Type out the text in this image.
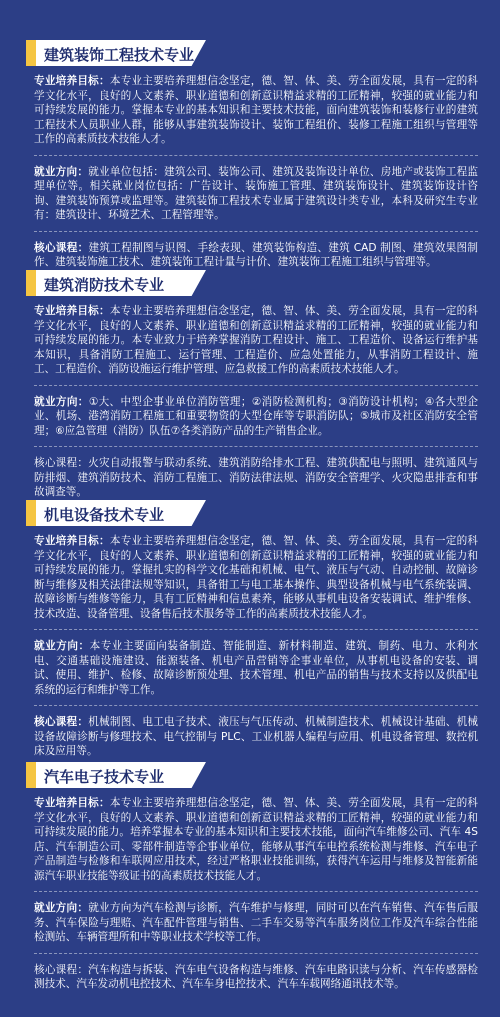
建筑装饰工程技术专业

专业培养目标：本专业主要培养理想信念坚定，德、智、体、美、劳全面发展，具有一定的科学文化水平，良好的人文素养、职业道德和创新意识精益求精的工匠精神，较强的就业能力和可持续发展的能力。掌握本专业的基本知识和主要技术技能，面向建筑装饰和装修行业的建筑工程技术人员职业人群，能够从事建筑装饰设计、装饰工程组价、装修工程施工组织与管理等工作的高素质技术技能人才。

就业方向：就业单位包括：建筑公司、装饰公司、建筑及装饰设计单位、房地产或装饰工程监理单位等。相关就业岗位包括：广告设计、装饰施工管理、建筑装饰设计、建筑装饰设计咨询、建筑装饰预算或监理等。建筑装饰工程技术专业属于建筑设计类专业，本科及研究生专业有：建筑设计、环境艺术、工程管理等。

核心课程：建筑工程制图与识图、手绘表现、建筑装饰构造、建筑 CAD 制图、建筑效果图制作、建筑装饰施工技术、建筑装饰工程计量与计价、建筑装饰工程施工组织与管理等。

建筑消防技术专业

专业培养目标：本专业主要培养理想信念坚定，德、智、体、美、劳全面发展，具有一定的科学文化水平，良好的人文素养、职业道德和创新意识精益求精的工匠精神，较强的就业能力和可持续发展的能力。本专业致力于培养掌握消防工程设计、施工、工程造价、设备运行维护基本知识，具备消防工程施工、运行管理、工程造价、应急处置能力，从事消防工程设计、施工、工程造价、消防设施运行维护管理、应急救援工作的高素质技术技能人才。

就业方向：①大、中型企事业单位消防管理；②消防检测机构；③消防设计机构；④各大型企业、机场、港湾消防工程施工和重要物资的大型仓库等专职消防队；⑤城市及社区消防安全管理；⑥应急管理（消防）队伍⑦各类消防产品的生产销售企业。

核心课程：火灾自动报警与联动系统、建筑消防给排水工程、建筑供配电与照明、建筑通风与防排烟、建筑消防技术、消防工程施工、消防法律法规、消防安全管理学、火灾隐患排查和事故调查等。

机电设备技术专业

专业培养目标：本专业主要培养理想信念坚定，德、智、体、美、劳全面发展，具有一定的科学文化水平，良好的人文素养、职业道德和创新意识精益求精的工匠精神，较强的就业能力和可持续发展的能力。掌握扎实的科学文化基础和机械、电气、液压与气动、自动控制、故障诊断与维修及相关法律法规等知识，具备钳工与电工基本操作、典型设备机械与电气系统装调、故障诊断与维修等能力，具有工匠精神和信息素养，能够从事机电设备安装调试、维护维修、技术改造、设备管理、设备售后技术服务等工作的高素质技术技能人才。

就业方向：本专业主要面向装备制造、智能制造、新材料制造、建筑、制药、电力、水利水电、交通基础设施建设、能源装备、机电产品营销等企事业单位，从事机电设备的安装、调试、使用、维护、检修、故障诊断预处理、技术管理、机电产品的销售与技术支持以及供配电系统的运行和维护等工作。

核心课程：机械制图、电工电子技术、液压与气压传动、机械制造技术、机械设计基础、机械设备故障诊断与修理技术、电气控制与 PLC、工业机器人编程与应用、机电设备管理、数控机床及应用等。

汽车电子技术专业

专业培养目标：本专业主要培养理想信念坚定，德、智、体、美、劳全面发展，具有一定的科学文化水平，良好的人文素养、职业道德和创新意识精益求精的工匠精神，较强的就业能力和可持续发展的能力。培养掌握本专业的基本知识和主要技术技能，面向汽车维修公司、汽车 4S 店、汽车制造公司、零部件制造等企事业单位，能够从事汽车电控系统检测与维修、汽车电子产品制造与检修和车联网应用技术，经过严格职业技能训练，获得汽车运用与维修及智能新能源汽车职业技能等级证书的高素质技术技能人才。

就业方向：就业方向为汽车检测与诊断，汽车维护与修理，同时可以在汽车销售、汽车售后服务、汽车保险与理赔、汽车配件管理与销售、二手车交易等汽车服务岗位工作及汽车综合性能检测站、车辆管理所和中等职业技术学校等工作。

核心课程：汽车构造与拆装、汽车电气设备构造与维修、汽车电路识读与分析、汽车传感器检测技术、汽车发动机电控技术、汽车车身电控技术、汽车车载网络通讯技术等。
